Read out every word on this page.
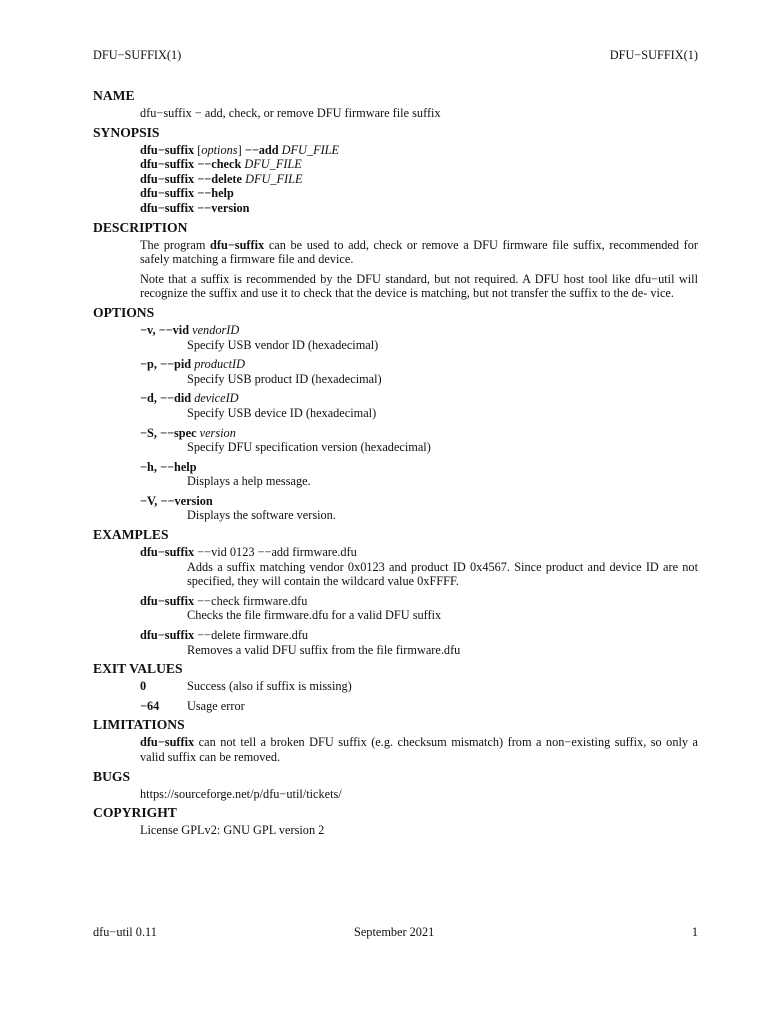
DFU−SUFFIX(1)	DFU−SUFFIX(1)
NAME
dfu−suffix − add, check, or remove DFU firmware file suffix
SYNOPSIS
dfu−suffix [options] −−add DFU_FILE
dfu−suffix −−check DFU_FILE
dfu−suffix −−delete DFU_FILE
dfu−suffix −−help
dfu−suffix −−version
DESCRIPTION
The program dfu−suffix can be used to add, check or remove a DFU firmware file suffix, recommended for safely matching a firmware file and device.
Note that a suffix is recommended by the DFU standard, but not required. A DFU host tool like dfu−util will recognize the suffix and use it to check that the device is matching, but not transfer the suffix to the de- vice.
OPTIONS
−v, −−vid vendorID
Specify USB vendor ID (hexadecimal)
−p, −−pid productID
Specify USB product ID (hexadecimal)
−d, −−did deviceID
Specify USB device ID (hexadecimal)
−S, −−spec version
Specify DFU specification version (hexadecimal)
−h, −−help
Displays a help message.
−V, −−version
Displays the software version.
EXAMPLES
dfu−suffix −−vid 0123 −−add firmware.dfu
Adds a suffix matching vendor 0x0123 and product ID 0x4567. Since product and device ID are not specified, they will contain the wildcard value 0xFFFF.
dfu−suffix −−check firmware.dfu
Checks the file firmware.dfu for a valid DFU suffix
dfu−suffix −−delete firmware.dfu
Removes a valid DFU suffix from the file firmware.dfu
EXIT VALUES
0	Success (also if suffix is missing)
−64	Usage error
LIMITATIONS
dfu−suffix can not tell a broken DFU suffix (e.g. checksum mismatch) from a non−existing suffix, so only a valid suffix can be removed.
BUGS
https://sourceforge.net/p/dfu−util/tickets/
COPYRIGHT
License GPLv2: GNU GPL version 2
dfu−util 0.11	September 2021	1
